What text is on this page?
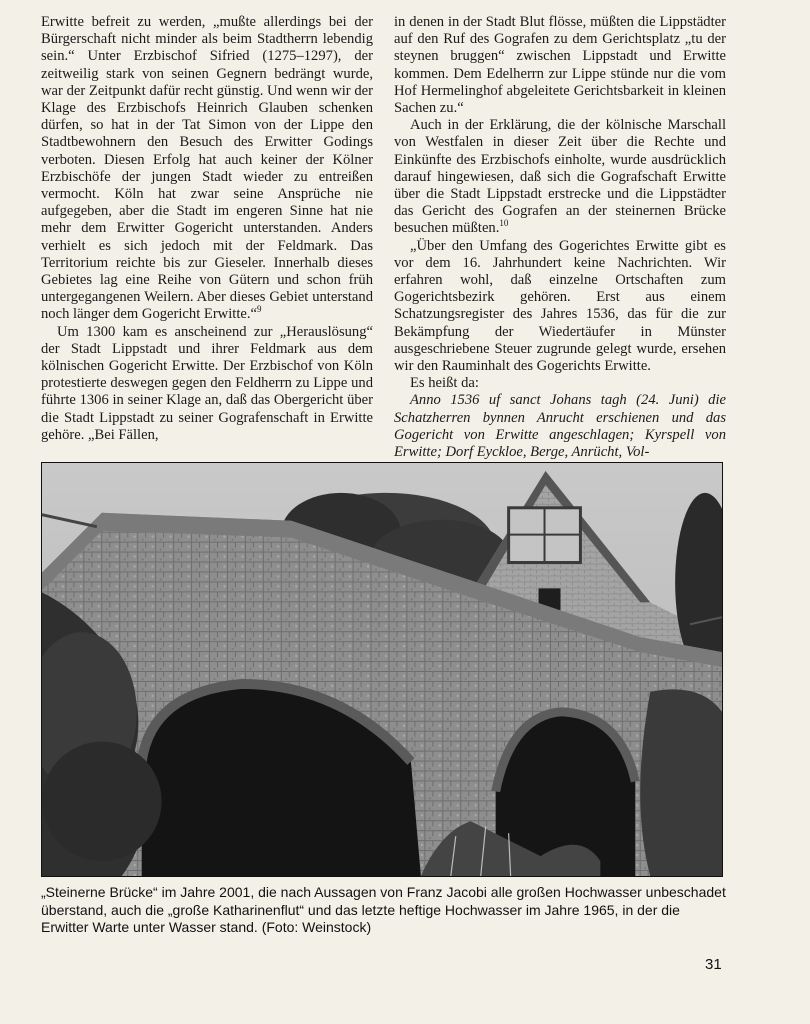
Erwitte befreit zu werden, „mußte allerdings bei der Bürgerschaft nicht minder als beim Stadtherrn lebendig sein.“ Unter Erzbischof Sifried (1275–1297), der zeitweilig stark von seinen Gegnern bedrängt wurde, war der Zeitpunkt dafür recht günstig. Und wenn wir der Klage des Erzbischofs Heinrich Glauben schenken dürfen, so hat in der Tat Simon von der Lippe den Stadtbewohnern den Besuch des Erwitter Godings verboten. Diesen Erfolg hat auch keiner der Kölner Erzbischöfe der jungen Stadt wieder zu entreißen vermocht. Köln hat zwar seine Ansprüche nie aufgegeben, aber die Stadt im engeren Sinne hat nie mehr dem Erwitter Gogericht unterstanden. Anders verhielt es sich jedoch mit der Feldmark. Das Territorium reichte bis zur Gieseler. Innerhalb dieses Gebietes lag eine Reihe von Gütern und schon früh untergegangenen Weilern. Aber dieses Gebiet unterstand noch länger dem Gogericht Erwitte.“$^9$

Um 1300 kam es anscheinend zur „Herauslösung“ der Stadt Lippstadt und ihrer Feldmark aus dem kölnischen Gogericht Erwitte. Der Erzbischof von Köln protestierte deswegen gegen den Feldherrn zu Lippe und führte 1306 in seiner Klage an, daß das Obergericht über die Stadt Lippstadt zu seiner Gografenschaft in Erwitte gehöre. „Bei Fällen,

in denen in der Stadt Blut flösse, müßten die Lippstädter auf den Ruf des Gografen zu dem Gerichtsplatz „tu der steynen bruggen“ zwischen Lippstadt und Erwitte kommen. Dem Edelherrn zur Lippe stünde nur die vom Hof Hermelinghof abgeleitete Gerichtsbarkeit in kleinen Sachen zu.“

Auch in der Erklärung, die der kölnische Marschall von Westfalen in dieser Zeit über die Rechte und Einkünfte des Erzbischofs einholte, wurde ausdrücklich darauf hingewiesen, daß sich die Gografschaft Erwitte über die Stadt Lippstadt erstrecke und die Lippstädter das Gericht des Gografen an der steinernen Brücke besuchen müßten.$^{10}$

„Über den Umfang des Gogerichtes Erwitte gibt es vor dem 16. Jahrhundert keine Nachrichten. Wir erfahren wohl, daß einzelne Ortschaften zum Gogerichtsbezirk gehören. Erst aus einem Schatzungsregister des Jahres 1536, das für die zur Bekämpfung der Wiedertäufer in Münster ausgeschriebene Steuer zugrunde gelegt wurde, ersehen wir den Rauminhalt des Gogerichts Erwitte.

Es heißt da:

Anno 1536 uf sanct Johans tagh (24. Juni) die Schatzherren bynnen Anrucht erschienen und das Gogericht von Erwitte angeschlagen; Kyrspell von Erwitte; Dorf Eyckloe, Berge, Anrücht, Vol-

„Steinerne Brücke“ im Jahre 2001, die nach Aussagen von Franz Jacobi alle großen Hochwasser unbeschadet überstand, auch die „große Katharinenflut“ und das letzte heftige Hochwasser im Jahre 1965, in der die Erwitter Warte unter Wasser stand. (Foto: Weinstock)
31
